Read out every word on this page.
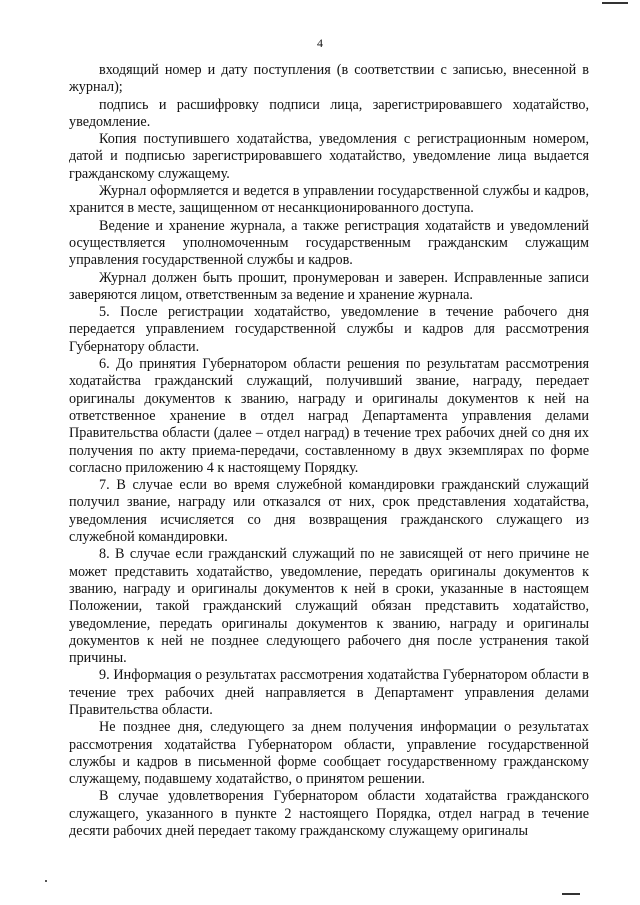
4

входящий номер и дату поступления (в соответствии с записью, внесенной в журнал);

подпись и расшифровку подписи лица, зарегистрировавшего ходатайство, уведомление.

Копия поступившего ходатайства, уведомления с регистрационным номером, датой и подписью зарегистрировавшего ходатайство, уведомление лица выдается гражданскому служащему.

Журнал оформляется и ведется в управлении государственной службы и кадров, хранится в месте, защищенном от несанкционированного доступа.

Ведение и хранение журнала, а также регистрация ходатайств и уведомлений осуществляется уполномоченным государственным гражданским служащим управления государственной службы и кадров.

Журнал должен быть прошит, пронумерован и заверен. Исправленные записи заверяются лицом, ответственным за ведение и хранение журнала.

5. После регистрации ходатайство, уведомление в течение рабочего дня передается управлением государственной службы и кадров для рассмотрения Губернатору области.

6. До принятия Губернатором области решения по результатам рассмотрения ходатайства гражданский служащий, получивший звание, награду, передает оригиналы документов к званию, награду и оригиналы документов к ней на ответственное хранение в отдел наград Департамента управления делами Правительства области (далее – отдел наград) в течение трех рабочих дней со дня их получения по акту приема-передачи, составленному в двух экземплярах по форме согласно приложению 4 к настоящему Порядку.

7. В случае если во время служебной командировки гражданский служащий получил звание, награду или отказался от них, срок представления ходатайства, уведомления исчисляется со дня возвращения гражданского служащего из служебной командировки.

8. В случае если гражданский служащий по не зависящей от него причине не может представить ходатайство, уведомление, передать оригиналы документов к званию, награду и оригиналы документов к ней в сроки, указанные в настоящем Положении, такой гражданский служащий обязан представить ходатайство, уведомление, передать оригиналы документов к званию, награду и оригиналы документов к ней не позднее следующего рабочего дня после устранения такой причины.

9. Информация о результатах рассмотрения ходатайства Губернатором области в течение трех рабочих дней направляется в Департамент управления делами Правительства области.

Не позднее дня, следующего за днем получения информации о результатах рассмотрения ходатайства Губернатором области, управление государственной службы и кадров в письменной форме сообщает государственному гражданскому служащему, подавшему ходатайство, о принятом решении.

В случае удовлетворения Губернатором области ходатайства гражданского служащего, указанного в пункте 2 настоящего Порядка, отдел наград в течение десяти рабочих дней передает такому гражданскому служащему оригиналы
